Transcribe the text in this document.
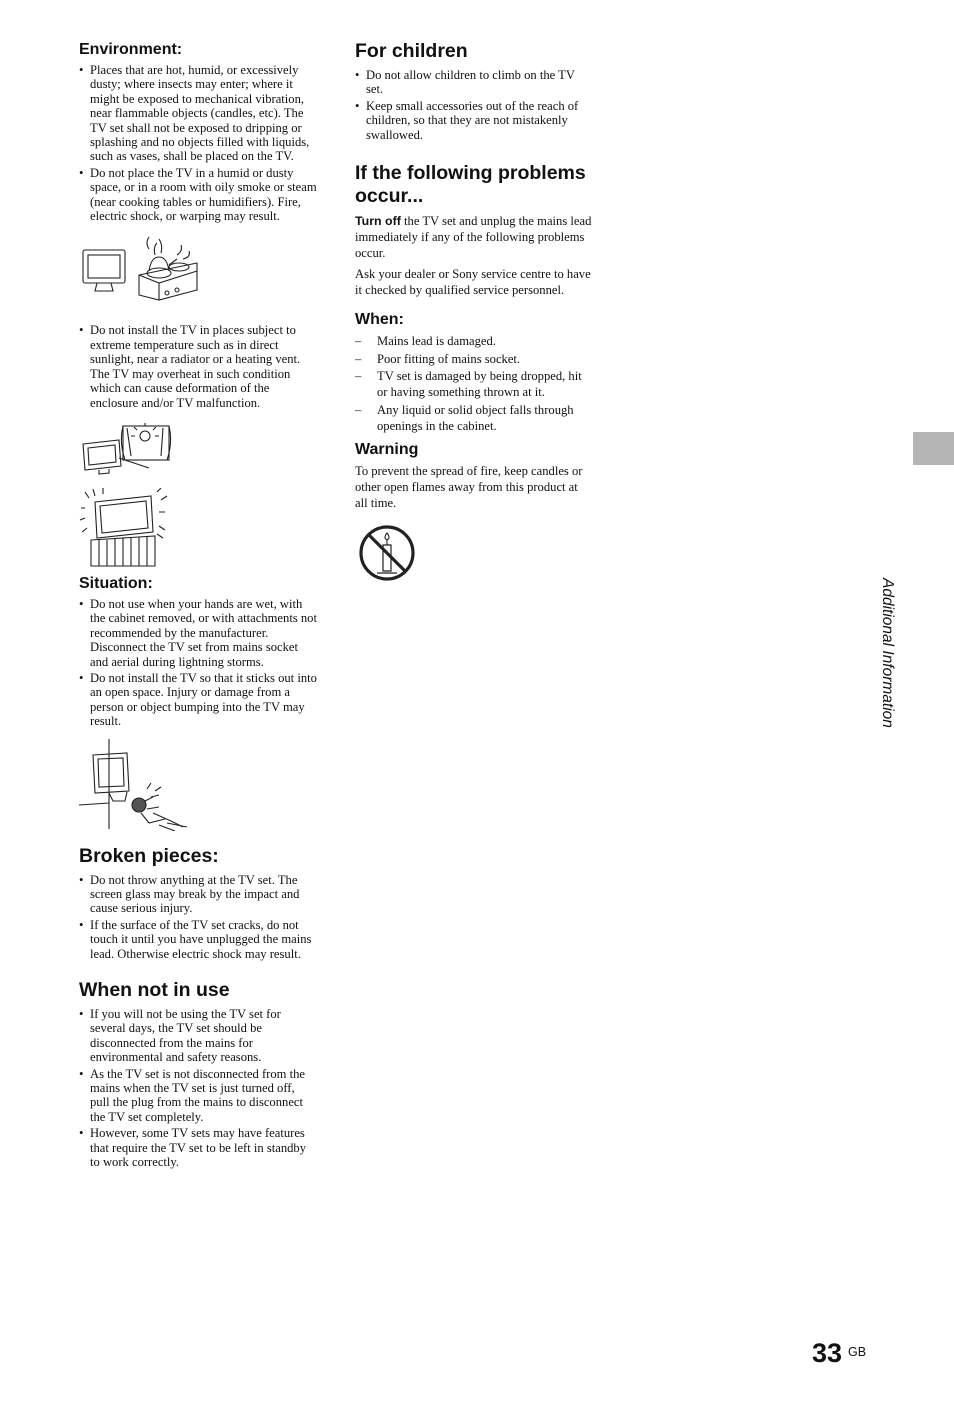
Environment:
• Places that are hot, humid, or excessively dusty; where insects may enter; where it might be exposed to mechanical vibration, near flammable objects (candles, etc). The TV set shall not be exposed to dripping or splashing and no objects filled with liquids, such as vases, shall be placed on the TV.
• Do not place the TV in a humid or dusty space, or in a room with oily smoke or steam (near cooking tables or humidifiers). Fire, electric shock, or warping may result.
• Do not install the TV in places subject to extreme temperature such as in direct sunlight, near a radiator or a heating vent. The TV may overheat in such condition which can cause deformation of the enclosure and/or TV malfunction.
Situation:
• Do not use when your hands are wet, with the cabinet removed, or with attachments not recommended by the manufacturer. Disconnect the TV set from mains socket and aerial during lightning storms.
• Do not install the TV so that it sticks out into an open space. Injury or damage from a person or object bumping into the TV may result.
Broken pieces:
• Do not throw anything at the TV set. The screen glass may break by the impact and cause serious injury.
• If the surface of the TV set cracks, do not touch it until you have unplugged the mains lead. Otherwise electric shock may result.
When not in use
• If you will not be using the TV set for several days, the TV set should be disconnected from the mains for environmental and safety reasons.
• As the TV set is not disconnected from the mains when the TV set is just turned off, pull the plug from the mains to disconnect the TV set completely.
• However, some TV sets may have features that require the TV set to be left in standby to work correctly.
For children
• Do not allow children to climb on the TV set.
• Keep small accessories out of the reach of children, so that they are not mistakenly swallowed.
If the following problems occur...

Turn off the TV set and unplug the mains lead immediately if any of the following problems occur.

Ask your dealer or Sony service centre to have it checked by qualified service personnel.

When:
– Mains lead is damaged.
– Poor fitting of mains socket.
– TV set is damaged by being dropped, hit or having something thrown at it.
– Any liquid or solid object falls through openings in the cabinet.
Warning

To prevent the spread of fire, keep candles or other open flames away from this product at all time.

Additional Information
33 GB
